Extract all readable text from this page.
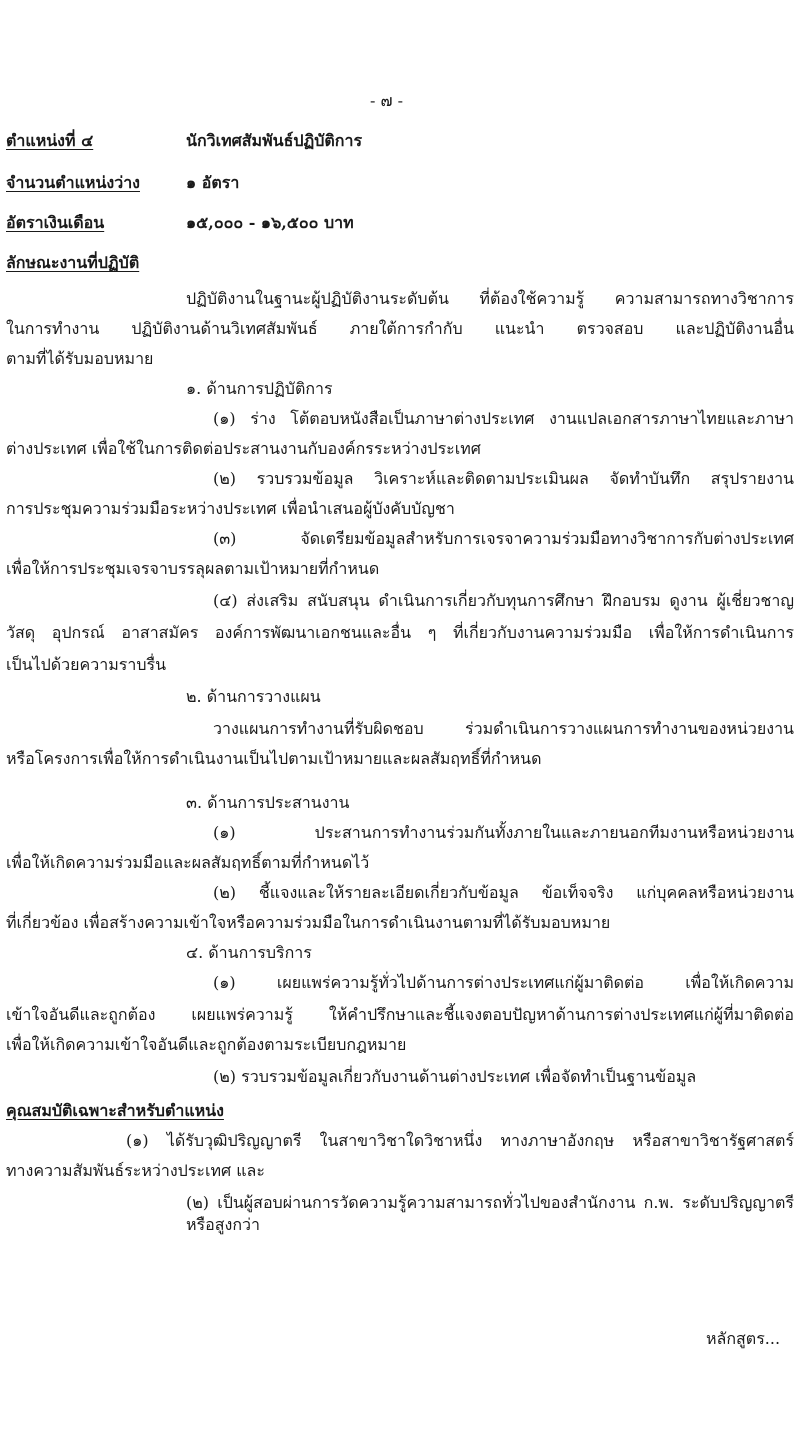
- ๗ -
ตำแหน่งที่ ๔	นักวิเทศสัมพันธ์ปฏิบัติการ
จำนวนตำแหน่งว่าง	๑ อัตรา
อัตราเงินเดือน	๑๕,๐๐๐ - ๑๖,๕๐๐ บาท
ลักษณะงานที่ปฏิบัติ
ปฏิบัติงานในฐานะผู้ปฏิบัติงานระดับต้น ที่ต้องใช้ความรู้ ความสามารถทางวิชาการ
ในการทำงาน ปฏิบัติงานด้านวิเทศสัมพันธ์ ภายใต้การกำกับ แนะนำ ตรวจสอบ และปฏิบัติงานอื่น
ตามที่ได้รับมอบหมาย
๑. ด้านการปฏิบัติการ
(๑) ร่าง โต้ตอบหนังสือเป็นภาษาต่างประเทศ งานแปลเอกสารภาษาไทยและภาษา
ต่างประเทศ เพื่อใช้ในการติดต่อประสานงานกับองค์กรระหว่างประเทศ
(๒) รวบรวมข้อมูล วิเคราะห์และติดตามประเมินผล จัดทำบันทึก สรุปรายงาน
การประชุมความร่วมมือระหว่างประเทศ เพื่อนำเสนอผู้บังคับบัญชา
(๓) จัดเตรียมข้อมูลสำหรับการเจรจาความร่วมมือทางวิชาการกับต่างประเทศ
เพื่อให้การประชุมเจรจาบรรลุผลตามเป้าหมายที่กำหนด
(๔) ส่งเสริม สนับสนุน ดำเนินการเกี่ยวกับทุนการศึกษา ฝึกอบรม ดูงาน ผู้เชี่ยวชาญ
วัสดุ อุปกรณ์ อาสาสมัคร องค์การพัฒนาเอกชนและอื่น ๆ ที่เกี่ยวกับงานความร่วมมือ เพื่อให้การดำเนินการ
เป็นไปด้วยความราบรื่น
๒. ด้านการวางแผน
วางแผนการทำงานที่รับผิดชอบ ร่วมดำเนินการวางแผนการทำงานของหน่วยงาน
หรือโครงการเพื่อให้การดำเนินงานเป็นไปตามเป้าหมายและผลสัมฤทธิ์ที่กำหนด
๓. ด้านการประสานงาน
(๑) ประสานการทำงานร่วมกันทั้งภายในและภายนอกทีมงานหรือหน่วยงาน
เพื่อให้เกิดความร่วมมือและผลสัมฤทธิ์ตามที่กำหนดไว้
(๒) ชี้แจงและให้รายละเอียดเกี่ยวกับข้อมูล ข้อเท็จจริง แก่บุคคลหรือหน่วยงาน
ที่เกี่ยวข้อง เพื่อสร้างความเข้าใจหรือความร่วมมือในการดำเนินงานตามที่ได้รับมอบหมาย
๔. ด้านการบริการ
(๑) เผยแพร่ความรู้ทั่วไปด้านการต่างประเทศแก่ผู้มาติดต่อ เพื่อให้เกิดความ
เข้าใจอันดีและถูกต้อง เผยแพร่ความรู้ ให้คำปรึกษาและชี้แจงตอบปัญหาด้านการต่างประเทศแก่ผู้ที่มาติดต่อ
เพื่อให้เกิดความเข้าใจอันดีและถูกต้องตามระเบียบกฎหมาย
(๒) รวบรวมข้อมูลเกี่ยวกับงานด้านต่างประเทศ เพื่อจัดทำเป็นฐานข้อมูล
คุณสมบัติเฉพาะสำหรับตำแหน่ง
(๑) ได้รับวุฒิปริญญาตรี ในสาขาวิชาใดวิชาหนึ่ง ทางภาษาอังกฤษ หรือสาขาวิชารัฐศาสตร์
ทางความสัมพันธ์ระหว่างประเทศ และ
(๒) เป็นผู้สอบผ่านการวัดความรู้ความสามารถทั่วไปของสำนักงาน ก.พ. ระดับปริญญาตรีหรือสูงกว่า
หลักสูตร...
